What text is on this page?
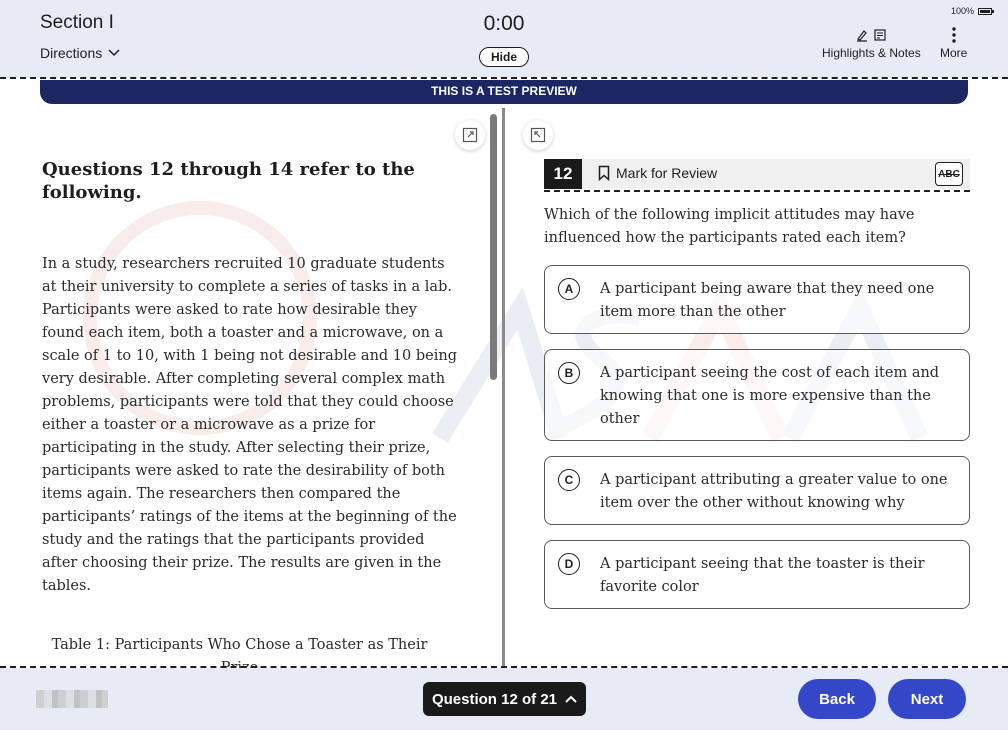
Section I
Directions
0:00
Hide
100%
Highlights & Notes More
THIS IS A TEST PREVIEW
Questions 12 through 14 refer to the following.
In a study, researchers recruited 10 graduate students at their university to complete a series of tasks in a lab. Participants were asked to rate how desirable they found each item, both a toaster and a microwave, on a scale of 1 to 10, with 1 being not desirable and 10 being very desirable. After completing several complex math problems, participants were told that they could choose either a toaster or a microwave as a prize for participating in the study. After selecting their prize, participants were asked to rate the desirability of both items again. The researchers then compared the participants’ ratings of the items at the beginning of the study and the ratings that the participants provided after choosing their prize. The results are given in the tables.
Table 1: Participants Who Chose a Toaster as Their
12	Mark for Review	ABC
Which of the following implicit attitudes may have influenced how the participants rated each item?
A	A participant being aware that they need one item more than the other
B	A participant seeing the cost of each item and knowing that one is more expensive than the other
C	A participant attributing a greater value to one item over the other without knowing why
D	A participant seeing that the toaster is their favorite color
Question 12 of 21	Back	Next
